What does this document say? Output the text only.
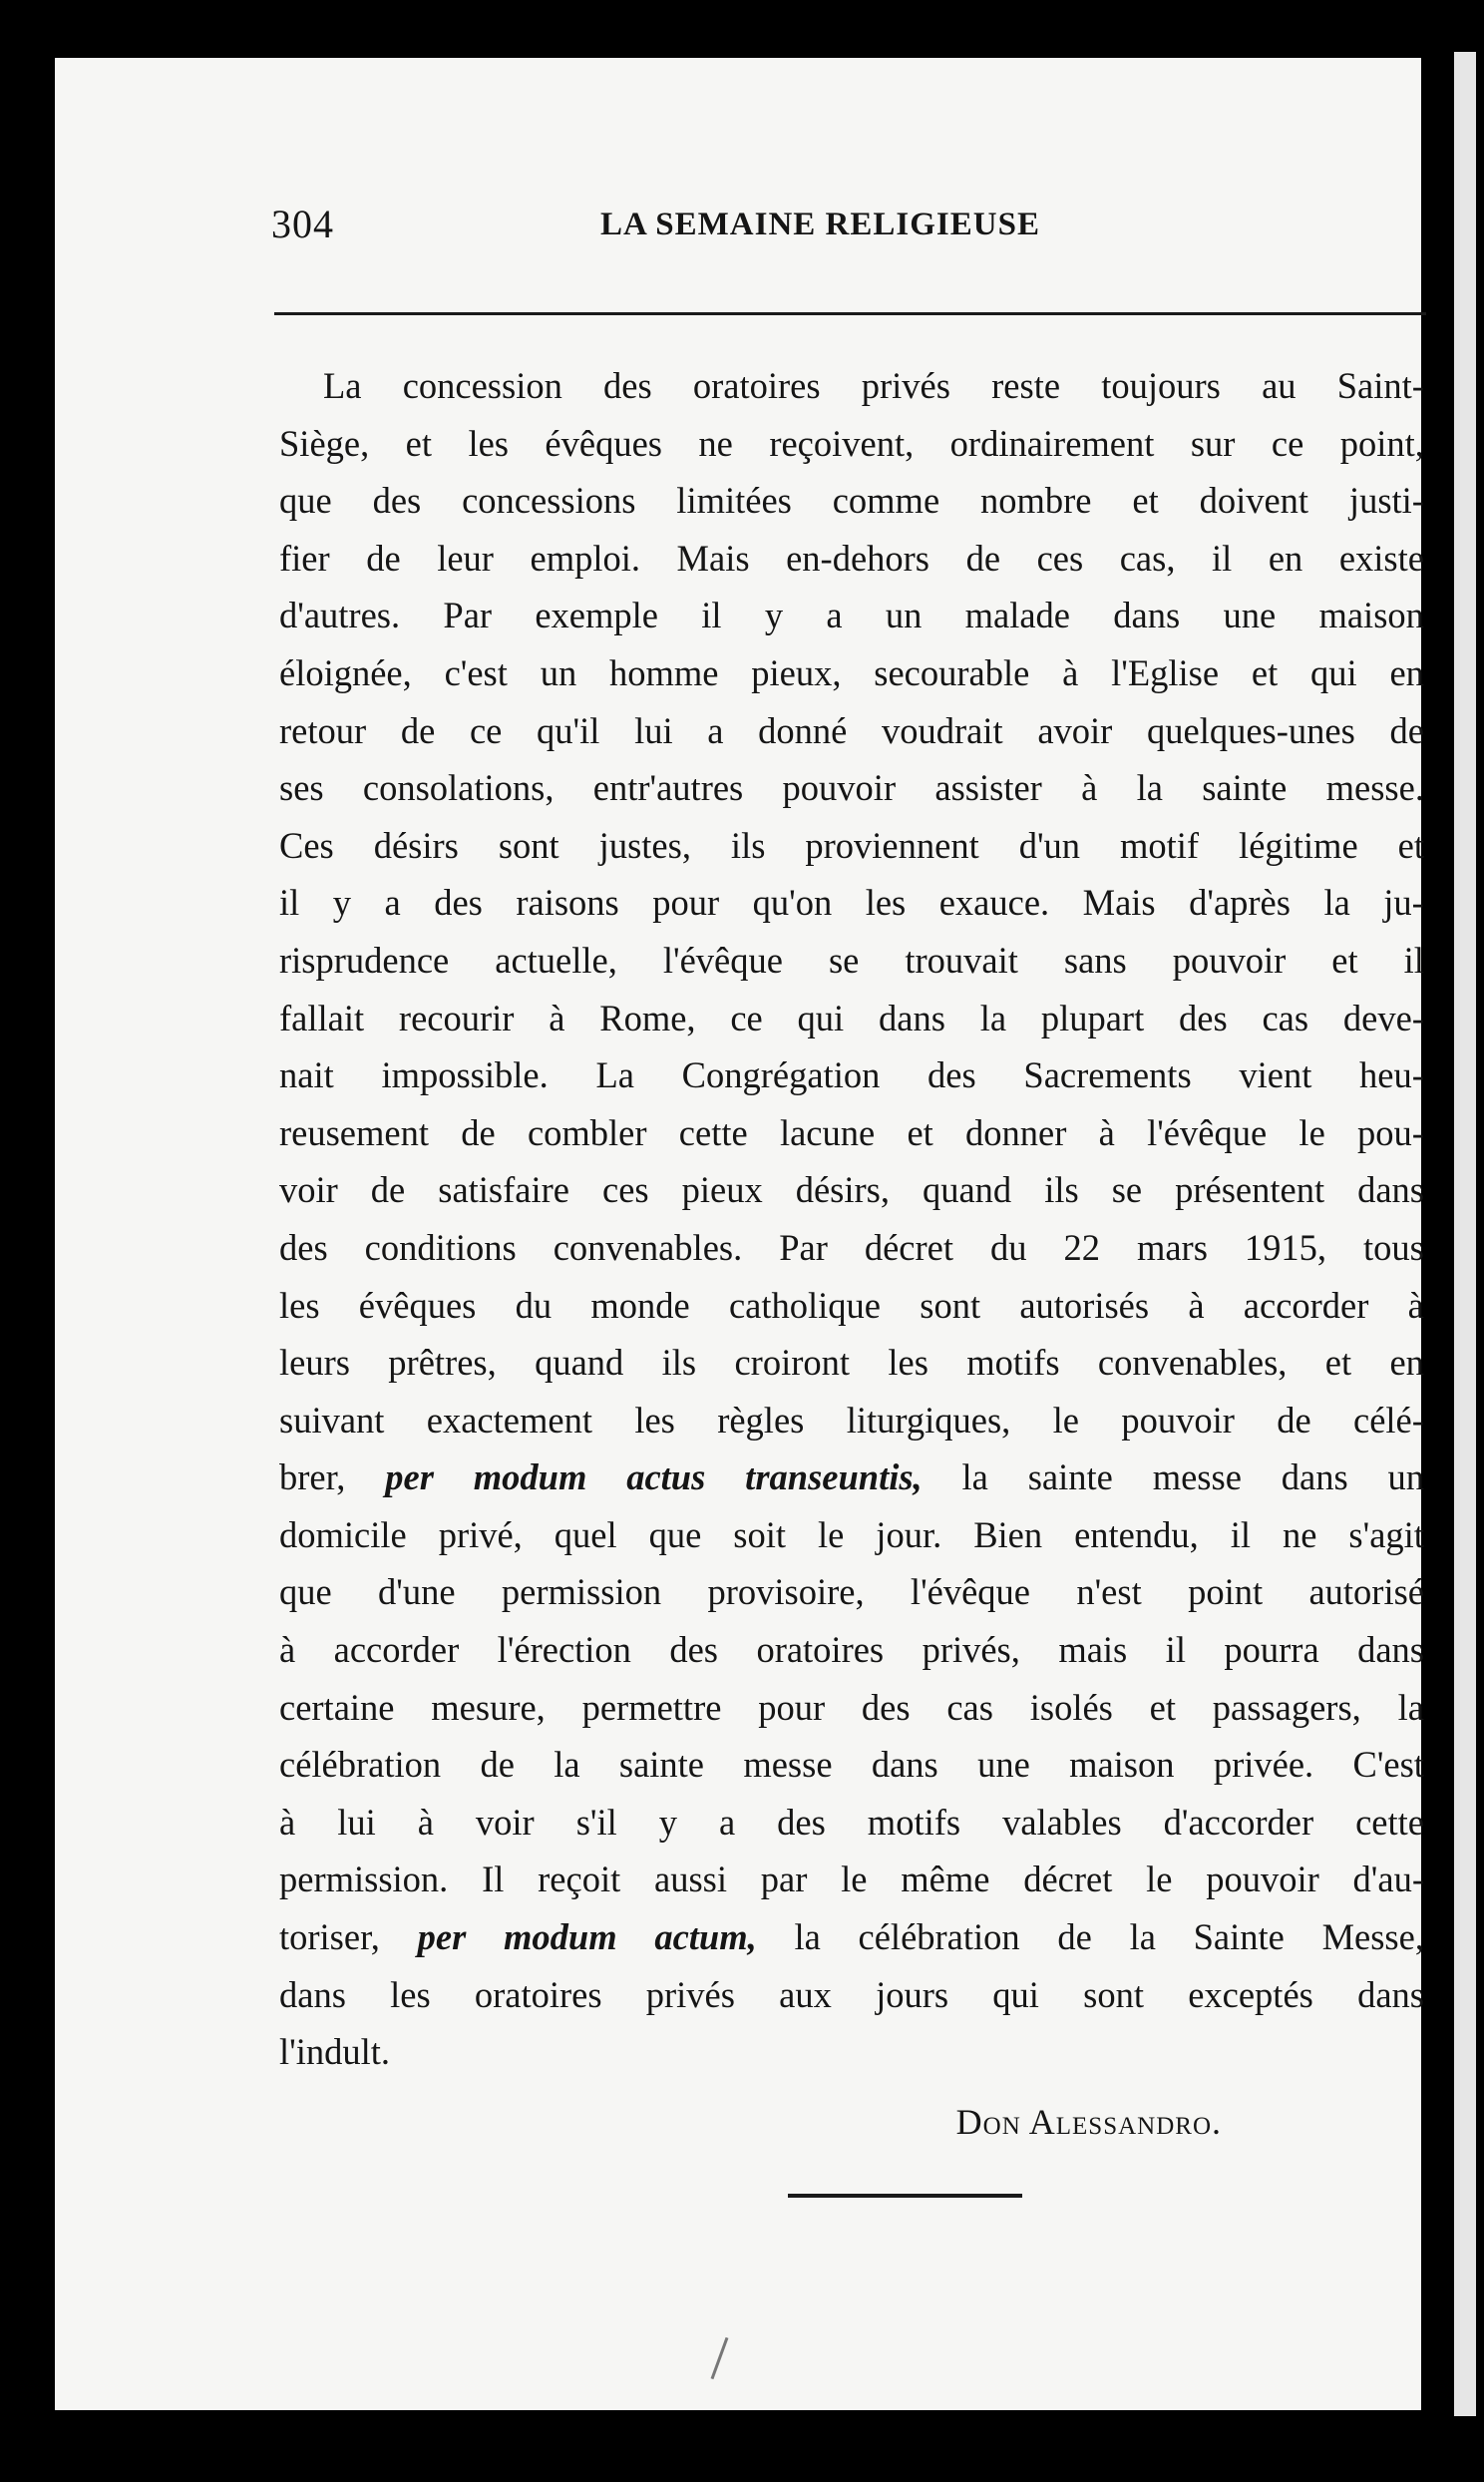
304	LA SEMAINE RELIGIEUSE
La concession des oratoires privés reste toujours au Saint-
Siège, et les évêques ne reçoivent, ordinairement sur ce point,
que des concessions limitées comme nombre et doivent justi-
fier de leur emploi. Mais en-dehors de ces cas, il en existe
d'autres. Par exemple il y a un malade dans une maison
éloignée, c'est un homme pieux, secourable à l'Eglise et qui en
retour de ce qu'il lui a donné voudrait avoir quelques-unes de
ses consolations, entr'autres pouvoir assister à la sainte messe.
Ces désirs sont justes, ils proviennent d'un motif légitime et
il y a des raisons pour qu'on les exauce. Mais d'après la ju-
risprudence actuelle, l'évêque se trouvait sans pouvoir et il
fallait recourir à Rome, ce qui dans la plupart des cas deve-
nait impossible. La Congrégation des Sacrements vient heu-
reusement de combler cette lacune et donner à l'évêque le pou-
voir de satisfaire ces pieux désirs, quand ils se présentent dans
des conditions convenables. Par décret du 22 mars 1915, tous
les évêques du monde catholique sont autorisés à accorder à
leurs prêtres, quand ils croiront les motifs convenables, et en
suivant exactement les règles liturgiques, le pouvoir de célé-
brer, per modum actus transeuntis, la sainte messe dans un
domicile privé, quel que soit le jour. Bien entendu, il ne s'agit
que d'une permission provisoire, l'évêque n'est point autorisé
à accorder l'érection des oratoires privés, mais il pourra dans
certaine mesure, permettre pour des cas isolés et passagers, la
célébration de la sainte messe dans une maison privée. C'est
à lui à voir s'il y a des motifs valables d'accorder cette
permission. Il reçoit aussi par le même décret le pouvoir d'au-
toriser, per modum actum, la célébration de la Sainte Messe,
dans les oratoires privés aux jours qui sont exceptés dans
l'indult.
Don Alessandro.
